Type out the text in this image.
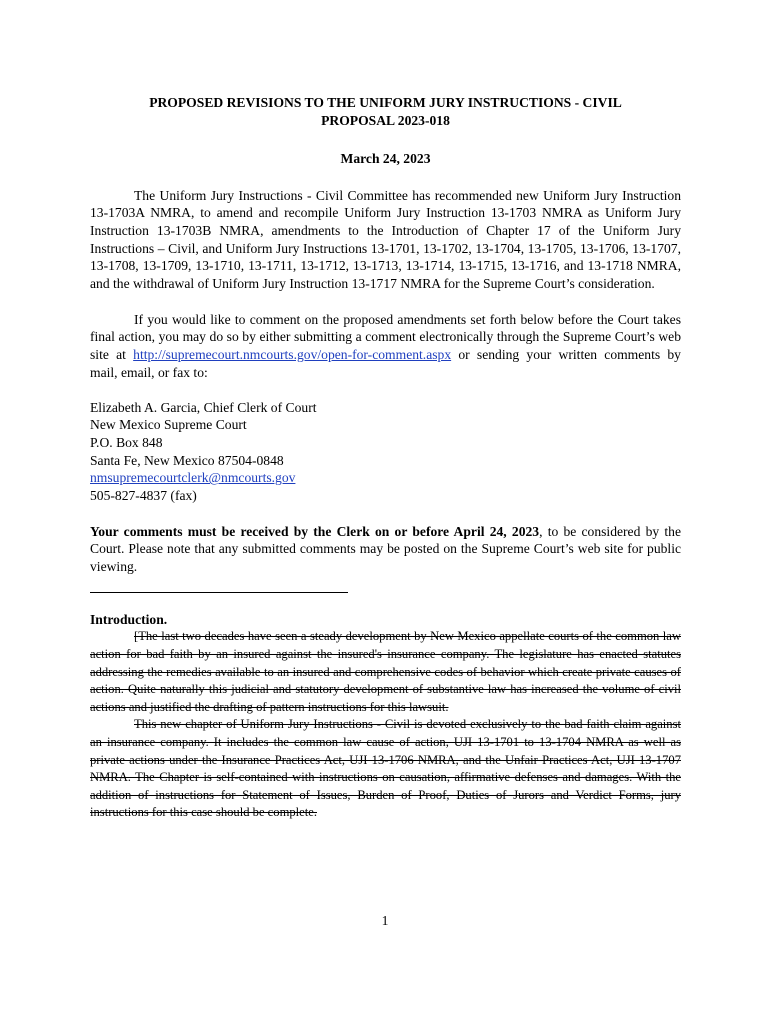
PROPOSED REVISIONS TO THE UNIFORM JURY INSTRUCTIONS - CIVIL
PROPOSAL 2023-018
March 24, 2023

The Uniform Jury Instructions - Civil Committee has recommended new Uniform Jury Instruction 13-1703A NMRA, to amend and recompile Uniform Jury Instruction 13-1703 NMRA as Uniform Jury Instruction 13-1703B NMRA, amendments to the Introduction of Chapter 17 of the Uniform Jury Instructions – Civil, and Uniform Jury Instructions 13-1701, 13-1702, 13-1704, 13-1705, 13-1706, 13-1707, 13-1708, 13-1709, 13-1710, 13-1711, 13-1712, 13-1713, 13-1714, 13-1715, 13-1716, and 13-1718 NMRA, and the withdrawal of Uniform Jury Instruction 13-1717 NMRA for the Supreme Court’s consideration.

If you would like to comment on the proposed amendments set forth below before the Court takes final action, you may do so by either submitting a comment electronically through the Supreme Court’s web site at http://supremecourt.nmcourts.gov/open-for-comment.aspx or sending your written comments by mail, email, or fax to:

Elizabeth A. Garcia, Chief Clerk of Court
New Mexico Supreme Court
P.O. Box 848
Santa Fe, New Mexico 87504-0848
nmsupremecourtclerk@nmcourts.gov
505-827-4837 (fax)

Your comments must be received by the Clerk on or before April 24, 2023, to be considered by the Court. Please note that any submitted comments may be posted on the Supreme Court’s web site for public viewing.

Introduction.

[The last two decades have seen a steady development by New Mexico appellate courts of the common law action for bad faith by an insured against the insured's insurance company. The legislature has enacted statutes addressing the remedies available to an insured and comprehensive codes of behavior which create private causes of action. Quite naturally this judicial and statutory development of substantive law has increased the volume of civil actions and justified the drafting of pattern instructions for this lawsuit.

This new chapter of Uniform Jury Instructions - Civil is devoted exclusively to the bad faith claim against an insurance company. It includes the common law cause of action, UJI 13-1701 to 13-1704 NMRA as well as private actions under the Insurance Practices Act, UJI 13-1706 NMRA, and the Unfair Practices Act, UJI 13-1707 NMRA. The Chapter is self-contained with instructions on causation, affirmative defenses and damages. With the addition of instructions for Statement of Issues, Burden of Proof, Duties of Jurors and Verdict Forms, jury instructions for this case should be complete.

1
